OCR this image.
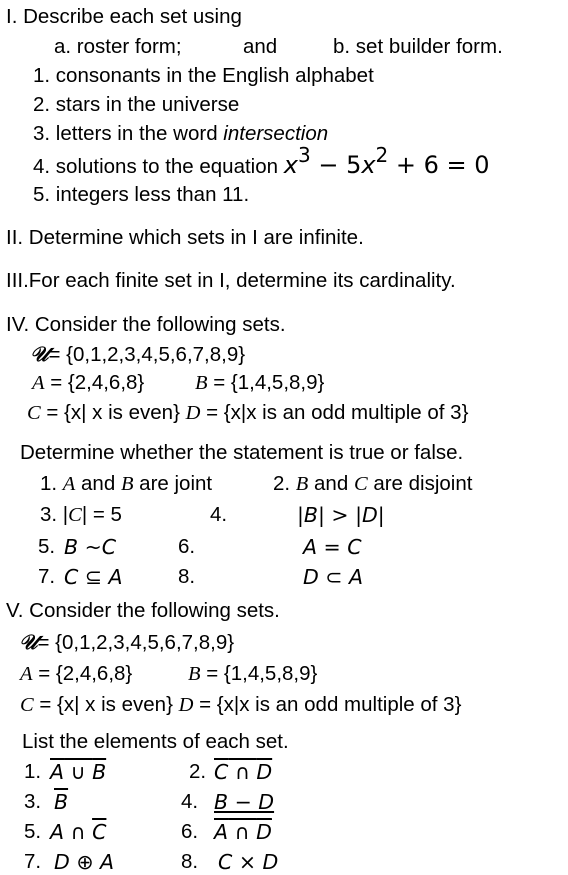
I. Describe each set using
a. roster form;	and	b. set builder form.
1. consonants in the English alphabet
2. stars in the universe
3. letters in the word intersection
4. solutions to the equation $x^3 - 5x^2 + 6 = 0$
5. integers less than 11.
II. Determine which sets in I are infinite.
III.For each finite set in I, determine its cardinality.
IV. Consider the following sets.
𝒰= {0,1,2,3,4,5,6,7,8,9}
A = {2,4,6,8} B = {1,4,5,8,9}
C = {x| x is even} D = {x|x is an odd multiple of 3}
Determine whether the statement is true or false.
1. A and B are joint	2. B and C are disjoint
3. |C| = 5	4.	|B| > |D|
5. B ~C	6.	A = C
7. C ⊆ A	8.	D ⊂ A
V. Consider the following sets.
𝒰= {0,1,2,3,4,5,6,7,8,9}
A = {2,4,6,8}	B = {1,4,5,8,9}
C = {x| x is even} D = {x|x is an odd multiple of 3}
List the elements of each set.
1. $\overline{A}$ ∪ $\overline{B}$	2. $\overline{C}$ ∩ $\overline{D}$
3. $\overline{B}$	4. B − D
5. A ∩ $\overline{C}$	6. $\overline{A}$ ∩ $\overline{D}$
7. D ⊕ A	8. C × D
